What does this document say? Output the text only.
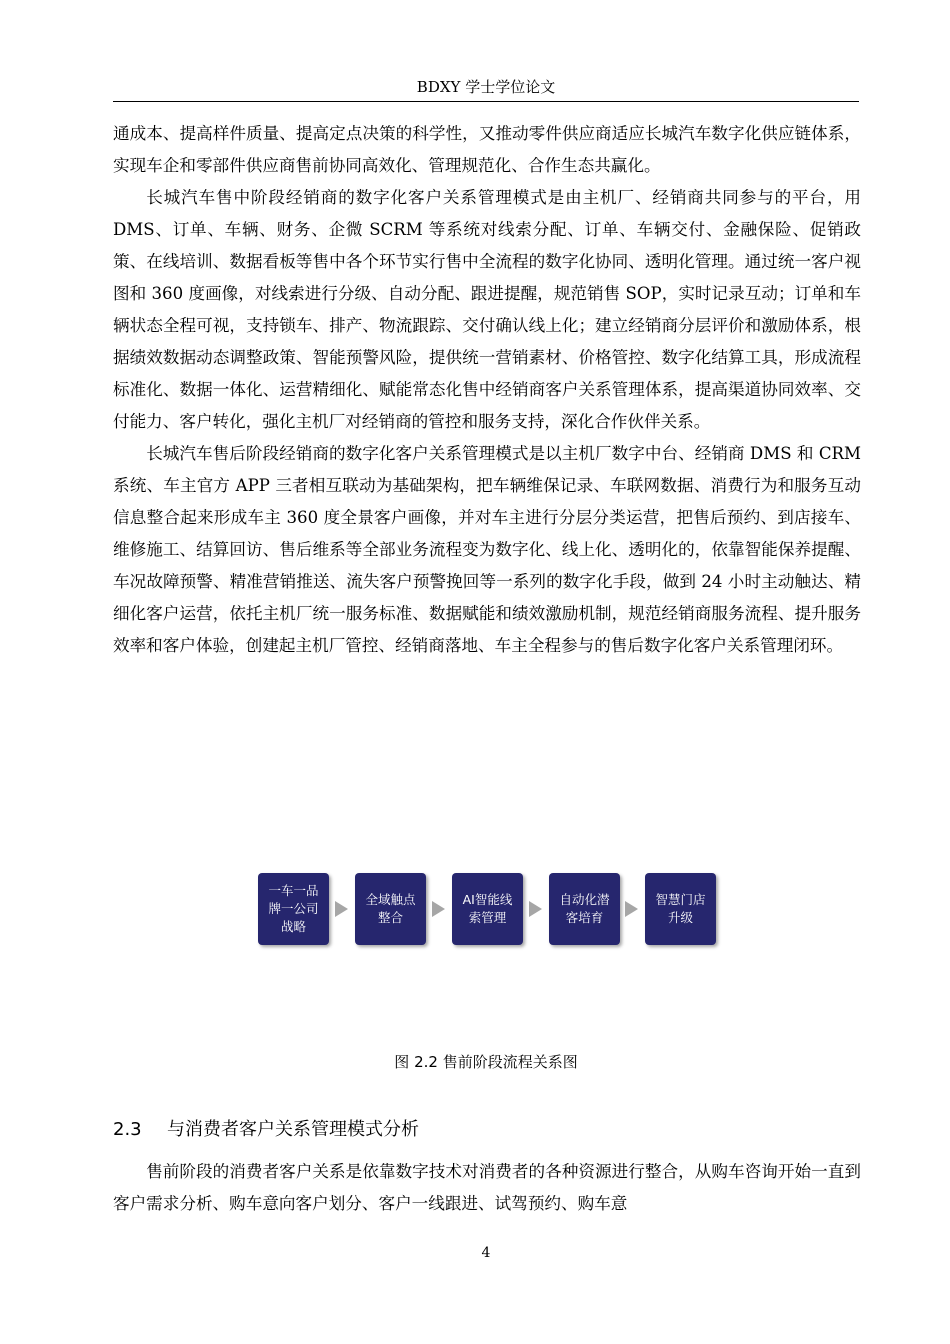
BDXY 学士学位论文

通成本、提高样件质量、提高定点决策的科学性，又推动零件供应商适应长城汽车数字化供应链体系，实现车企和零部件供应商售前协同高效化、管理规范化、合作生态共赢化。

长城汽车售中阶段经销商的数字化客户关系管理模式是由主机厂、经销商共同参与的平台，用 DMS、订单、车辆、财务、企微 SCRM 等系统对线索分配、订单、车辆交付、金融保险、促销政策、在线培训、数据看板等售中各个环节实行售中全流程的数字化协同、透明化管理。通过统一客户视图和 360 度画像，对线索进行分级、自动分配、跟进提醒，规范销售 SOP，实时记录互动；订单和车辆状态全程可视，支持锁车、排产、物流跟踪、交付确认线上化；建立经销商分层评价和激励体系，根据绩效数据动态调整政策、智能预警风险，提供统一营销素材、价格管控、数字化结算工具，形成流程标准化、数据一体化、运营精细化、赋能常态化售中经销商客户关系管理体系，提高渠道协同效率、交付能力、客户转化，强化主机厂对经销商的管控和服务支持，深化合作伙伴关系。

长城汽车售后阶段经销商的数字化客户关系管理模式是以主机厂数字中台、经销商 DMS 和 CRM 系统、车主官方 APP 三者相互联动为基础架构，把车辆维保记录、车联网数据、消费行为和服务互动信息整合起来形成车主 360 度全景客户画像，并对车主进行分层分类运营，把售后预约、到店接车、维修施工、结算回访、售后维系等全部业务流程变为数字化、线上化、透明化的，依靠智能保养提醒、车况故障预警、精准营销推送、流失客户预警挽回等一系列的数字化手段，做到 24 小时主动触达、精细化客户运营，依托主机厂统一服务标准、数据赋能和绩效激励机制，规范经销商服务流程、提升服务效率和客户体验，创建起主机厂管控、经销商落地、车主全程参与的售后数字化客户关系管理闭环。

一车一品
牌一公司
战略
全域触点
整合
AI智能线
索管理
自动化潜
客培育
智慧门店
升级
图 2.2 售前阶段流程关系图
2.3 与消费者客户关系管理模式分析

售前阶段的消费者客户关系是依靠数字技术对消费者的各种资源进行整合，从购车咨询开始一直到客户需求分析、购车意向客户划分、客户一线跟进、试驾预约、购车意

4
